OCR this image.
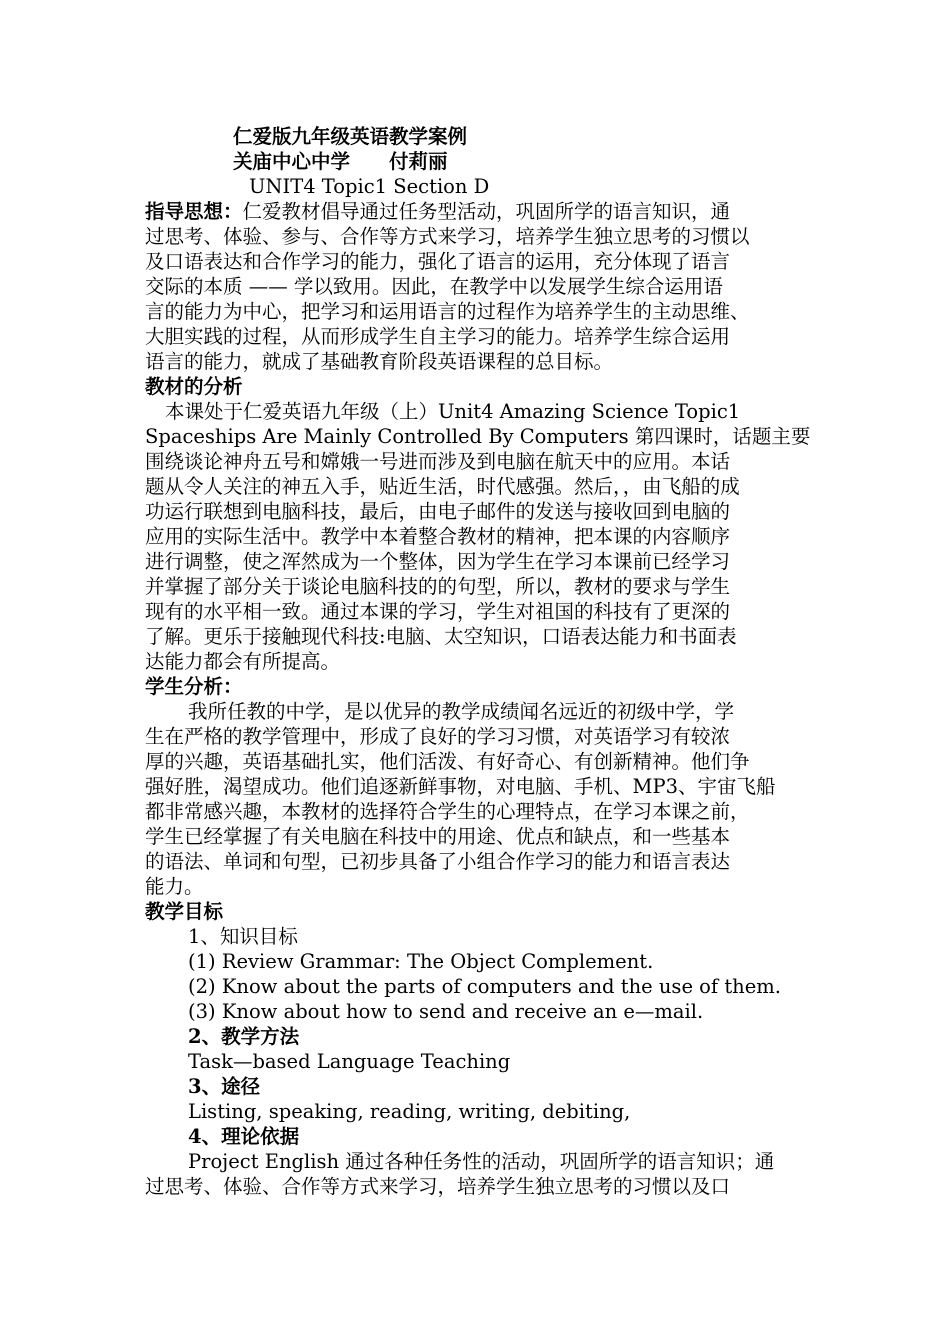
仁爱版九年级英语教学案例
关庙中心中学　　付莉丽
UNIT4 Topic1 Section D
指导思想：仁爱教材倡导通过任务型活动，巩固所学的语言知识，通
过思考、体验、参与、合作等方式来学习，培养学生独立思考的习惯以
及口语表达和合作学习的能力，强化了语言的运用，充分体现了语言
交际的本质 —— 学以致用。因此，在教学中以发展学生综合运用语
言的能力为中心，把学习和运用语言的过程作为培养学生的主动思维、
大胆实践的过程，从而形成学生自主学习的能力。培养学生综合运用
语言的能力，就成了基础教育阶段英语课程的总目标。
教材的分析
本课处于仁爱英语九年级（上）Unit4 Amazing Science Topic1
Spaceships Are Mainly Controlled By Computers 第四课时，话题主要
围绕谈论神舟五号和嫦娥一号进而涉及到电脑在航天中的应用。本话
题从令人关注的神五入手，贴近生活，时代感强。然后，，由飞船的成
功运行联想到电脑科技，最后，由电子邮件的发送与接收回到电脑的
应用的实际生活中。教学中本着整合教材的精神，把本课的内容顺序
进行调整，使之浑然成为一个整体，因为学生在学习本课前已经学习
并掌握了部分关于谈论电脑科技的的句型，所以，教材的要求与学生
现有的水平相一致。通过本课的学习，学生对祖国的科技有了更深的
了解。更乐于接触现代科技:电脑、太空知识，口语表达能力和书面表
达能力都会有所提高。
学生分析：
我所任教的中学，是以优异的教学成绩闻名远近的初级中学，学
生在严格的教学管理中，形成了良好的学习习惯，对英语学习有较浓
厚的兴趣，英语基础扎实，他们活泼、有好奇心、有创新精神。他们争
强好胜，渴望成功。他们追逐新鲜事物，对电脑、手机、MP3、宇宙飞船
都非常感兴趣，本教材的选择符合学生的心理特点，在学习本课之前，
学生已经掌握了有关电脑在科技中的用途、优点和缺点，和一些基本
的语法、单词和句型，已初步具备了小组合作学习的能力和语言表达
能力。
教学目标
1、知识目标
(1) Review Grammar: The Object Complement.
(2) Know about the parts of computers and the use of them.
(3) Know about how to send and receive an e—mail.
2、教学方法
Task—based Language Teaching
3、途径
Listing, speaking, reading, writing, debiting,
4、理论依据
Project English 通过各种任务性的活动，巩固所学的语言知识；通
过思考、体验、合作等方式来学习，培养学生独立思考的习惯以及口
